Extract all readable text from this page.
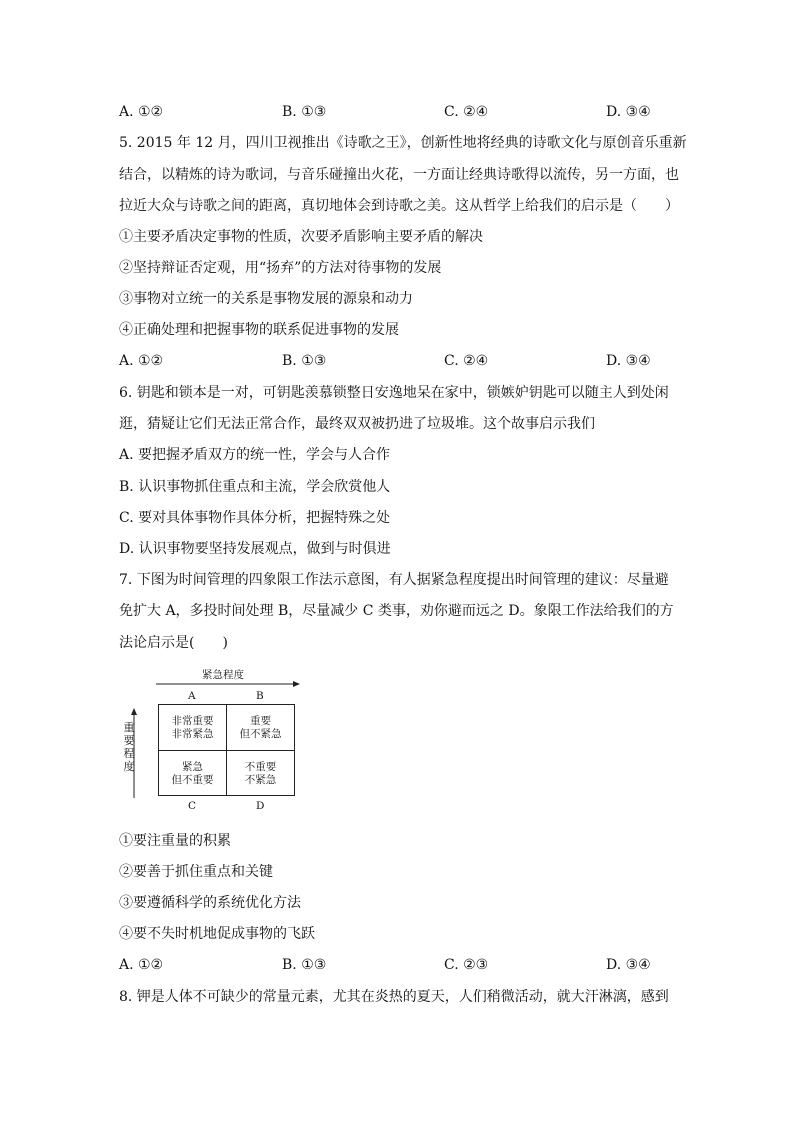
A. ①②	B. ①③	C. ②④	D. ③④
5. 2015 年 12 月，四川卫视推出《诗歌之王》，创新性地将经典的诗歌文化与原创音乐重新
结合，以精炼的诗为歌词，与音乐碰撞出火花，一方面让经典诗歌得以流传，另一方面，也
拉近大众与诗歌之间的距离，真切地体会到诗歌之美。这从哲学上给我们的启示是（　　）
①主要矛盾决定事物的性质，次要矛盾影响主要矛盾的解决
②坚持辩证否定观，用“扬弃”的方法对待事物的发展
③事物对立统一的关系是事物发展的源泉和动力
④正确处理和把握事物的联系促进事物的发展
A. ①②	B. ①③	C. ②④	D. ③④
6. 钥匙和锁本是一对，可钥匙羡慕锁整日安逸地呆在家中，锁嫉妒钥匙可以随主人到处闲
逛，猜疑让它们无法正常合作，最终双双被扔进了垃圾堆。这个故事启示我们
A. 要把握矛盾双方的统一性，学会与人合作
B. 认识事物抓住重点和主流，学会欣赏他人
C. 要对具体事物作具体分析，把握特殊之处
D. 认识事物要坚持发展观点，做到与时俱进
7. 下图为时间管理的四象限工作法示意图，有人据紧急程度提出时间管理的建议：尽量避
免扩大 A，多投时间处理 B，尽量减少 C 类事，劝你避而远之 D。象限工作法给我们的方
法论启示是(　　)
紧急程度
A	B
重
要
程
度
非常重要
非常紧急
重要
但不紧急
紧急
但不重要
不重要
不紧急
C	D
①要注重量的积累
②要善于抓住重点和关键
③要遵循科学的系统优化方法
④要不失时机地促成事物的飞跃
A. ①②	B. ①③	C. ②③	D. ③④
8. 钾是人体不可缺少的常量元素，尤其在炎热的夏天，人们稍微活动，就大汗淋漓，感到
